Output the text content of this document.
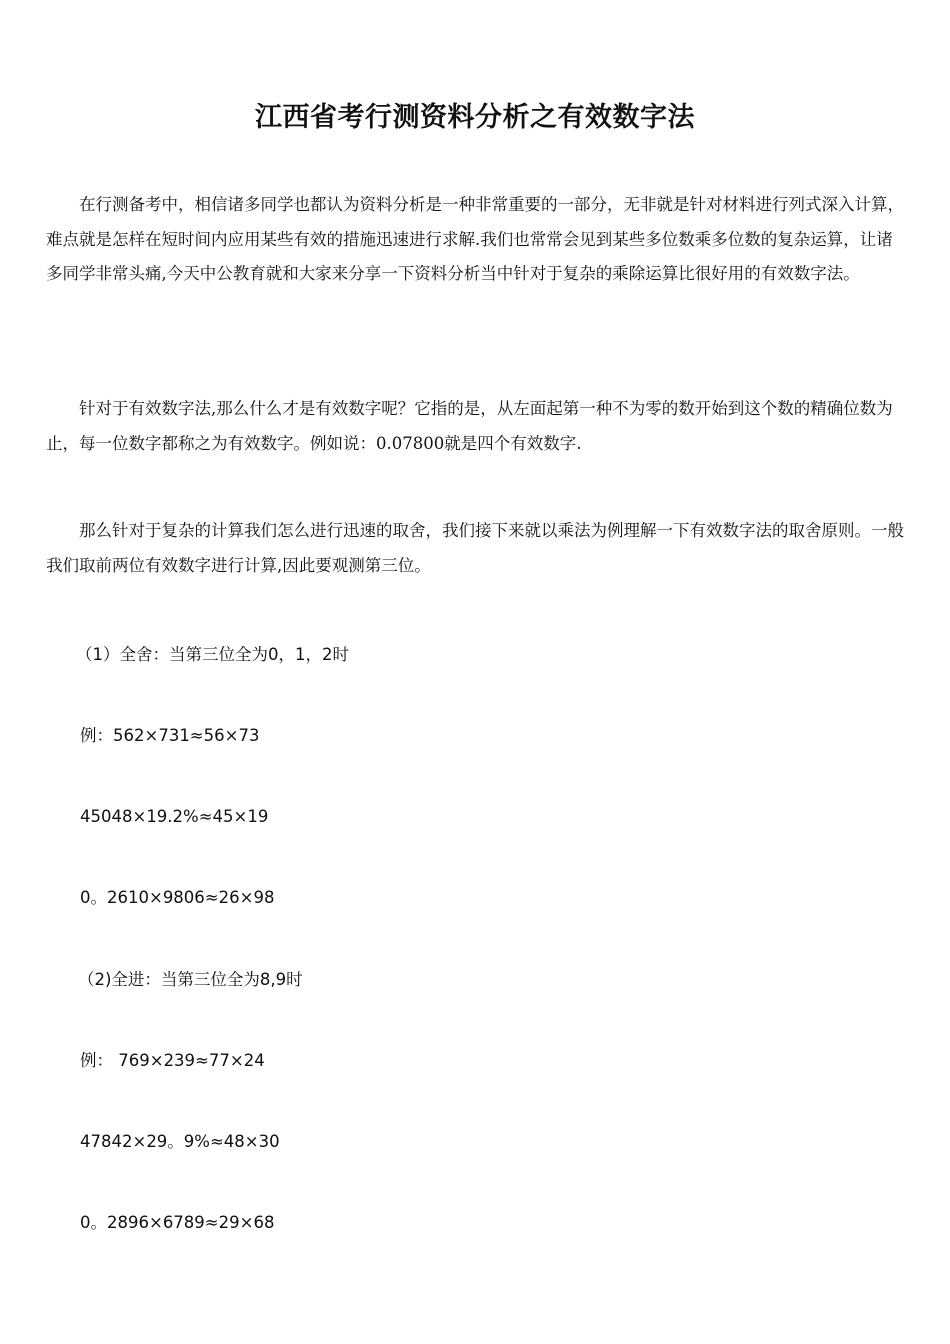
江西省考行测资料分析之有效数字法

在行测备考中，相信诸多同学也都认为资料分析是一种非常重要的一部分，无非就是针对材料进行列式深入计算，难点就是怎样在短时间内应用某些有效的措施迅速进行求解.我们也常常会见到某些多位数乘多位数的复杂运算，让诸多同学非常头痛,今天中公教育就和大家来分享一下资料分析当中针对于复杂的乘除运算比很好用的有效数字法。

针对于有效数字法,那么什么才是有效数字呢？它指的是，从左面起第一种不为零的数开始到这个数的精确位数为止，每一位数字都称之为有效数字。例如说：0.07800就是四个有效数字.

那么针对于复杂的计算我们怎么进行迅速的取舍，我们接下来就以乘法为例理解一下有效数字法的取舍原则。一般我们取前两位有效数字进行计算,因此要观测第三位。

（1）全舍：当第三位全为0，1，2时

例：562×731≈56×73

45048×19.2%≈45×19

0。2610×9806≈26×98

（2)全进：当第三位全为8,9时

例： 769×239≈77×24

47842×29。9%≈48×30

0。2896×6789≈29×68
